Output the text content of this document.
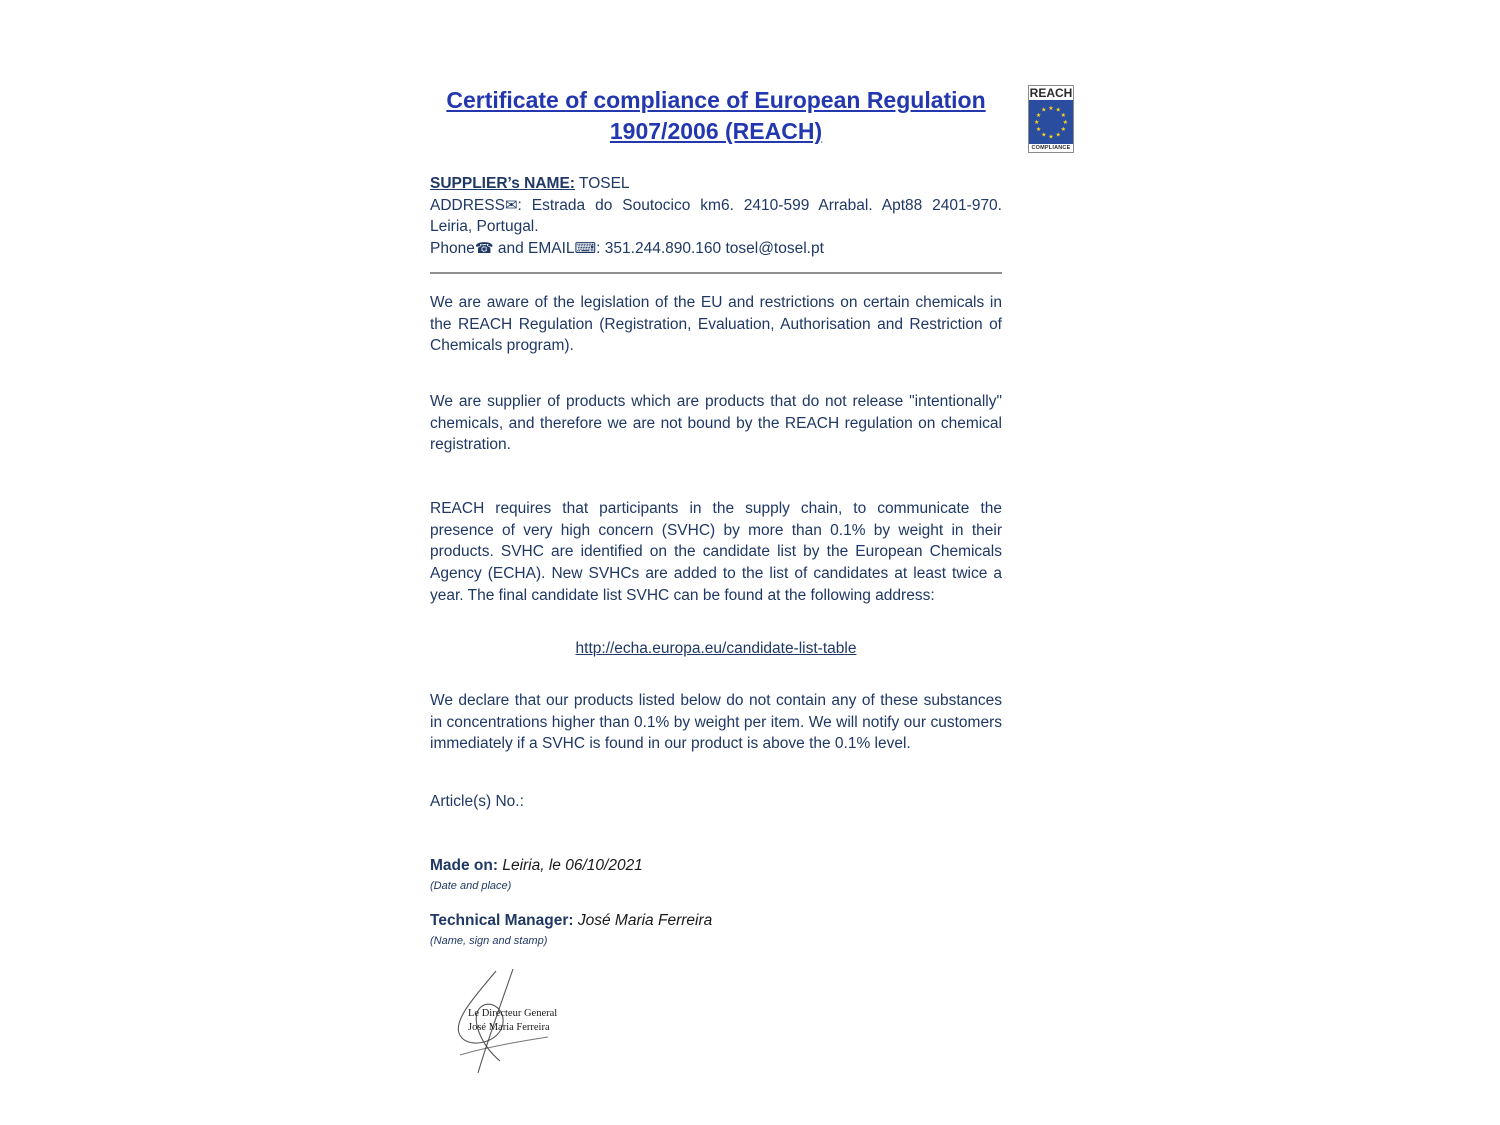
REACH
★ ★
★
★
★
★
★
★
★
★
★
★
COMPLIANCE
Certificate of compliance of European Regulation
1907/2006 (REACH)
SUPPLIER’s NAME: TOSEL
ADDRESS✉: Estrada do Soutocico km6. 2410-599 Arrabal. Apt88 2401-970. Leiria, Portugal.
Phone☎ and EMAIL⌨: 351.244.890.160 tosel@tosel.pt

We are aware of the legislation of the EU and restrictions on certain chemicals in the REACH Regulation (Registration, Evaluation, Authorisation and Restriction of Chemicals program).

We are supplier of products which are products that do not release "intentionally" chemicals, and therefore we are not bound by the REACH regulation on chemical registration.

REACH requires that participants in the supply chain, to communicate the presence of very high concern (SVHC) by more than 0.1% by weight in their products. SVHC are identified on the candidate list by the European Chemicals Agency (ECHA). New SVHCs are added to the list of candidates at least twice a year. The final candidate list SVHC can be found at the following address:

http://echa.europa.eu/candidate-list-table

We declare that our products listed below do not contain any of these substances in concentrations higher than 0.1% by weight per item. We will notify our customers immediately if a SVHC is found in our product is above the 0.1% level.

Article(s) No.:
Made on: Leiria, le 06/10/2021
(Date and place)
Technical Manager: José Maria Ferreira
(Name, sign and stamp)
Le Directeur General
José Maria Ferreira
